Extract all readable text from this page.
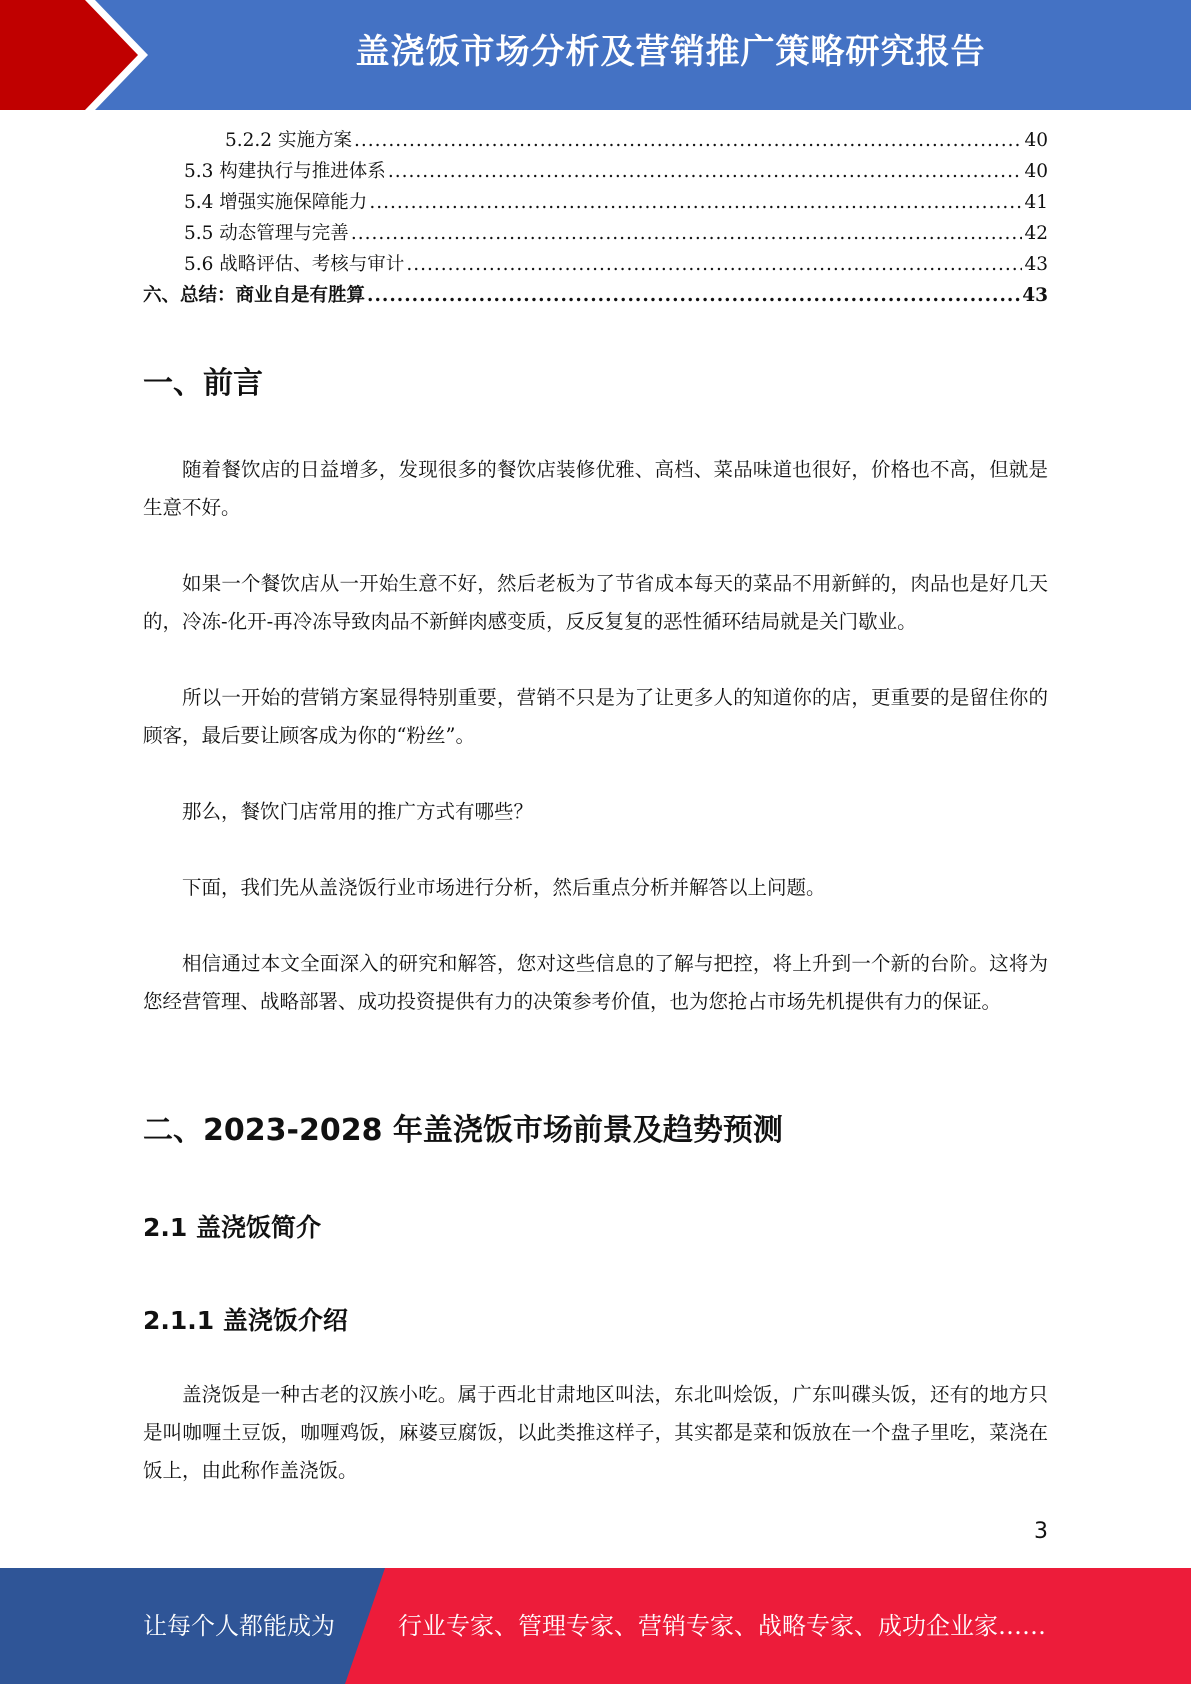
盖浇饭市场分析及营销推广策略研究报告
5.2.2 实施方案 .....	40
5.3 构建执行与推进体系 .....	40
5.4 增强实施保障能力 .....	41
5.5 动态管理与完善 .....	42
5.6 战略评估、考核与审计 .....	43
六、总结：商业自是有胜算 .....	43
一、前言
随着餐饮店的日益增多，发现很多的餐饮店装修优雅、高档、菜品味道也很好，价格也不高，但就是生意不好。
如果一个餐饮店从一开始生意不好，然后老板为了节省成本每天的菜品不用新鲜的，肉品也是好几天的，冷冻-化开-再冷冻导致肉品不新鲜肉感变质，反反复复的恶性循环结局就是关门歇业。
所以一开始的营销方案显得特别重要，营销不只是为了让更多人的知道你的店，更重要的是留住你的顾客，最后要让顾客成为你的“粉丝”。
那么，餐饮门店常用的推广方式有哪些？
下面，我们先从盖浇饭行业市场进行分析，然后重点分析并解答以上问题。
相信通过本文全面深入的研究和解答，您对这些信息的了解与把控，将上升到一个新的台阶。这将为您经营管理、战略部署、成功投资提供有力的决策参考价值，也为您抢占市场先机提供有力的保证。
二、2023-2028 年盖浇饭市场前景及趋势预测
2.1 盖浇饭简介
2.1.1 盖浇饭介绍
盖浇饭是一种古老的汉族小吃。属于西北甘肃地区叫法，东北叫烩饭，广东叫碟头饭，还有的地方只是叫咖喱土豆饭，咖喱鸡饭，麻婆豆腐饭，以此类推这样子，其实都是菜和饭放在一个盘子里吃，菜浇在饭上，由此称作盖浇饭。
3
让每个人都能成为	行业专家、管理专家、营销专家、战略专家、成功企业家……
